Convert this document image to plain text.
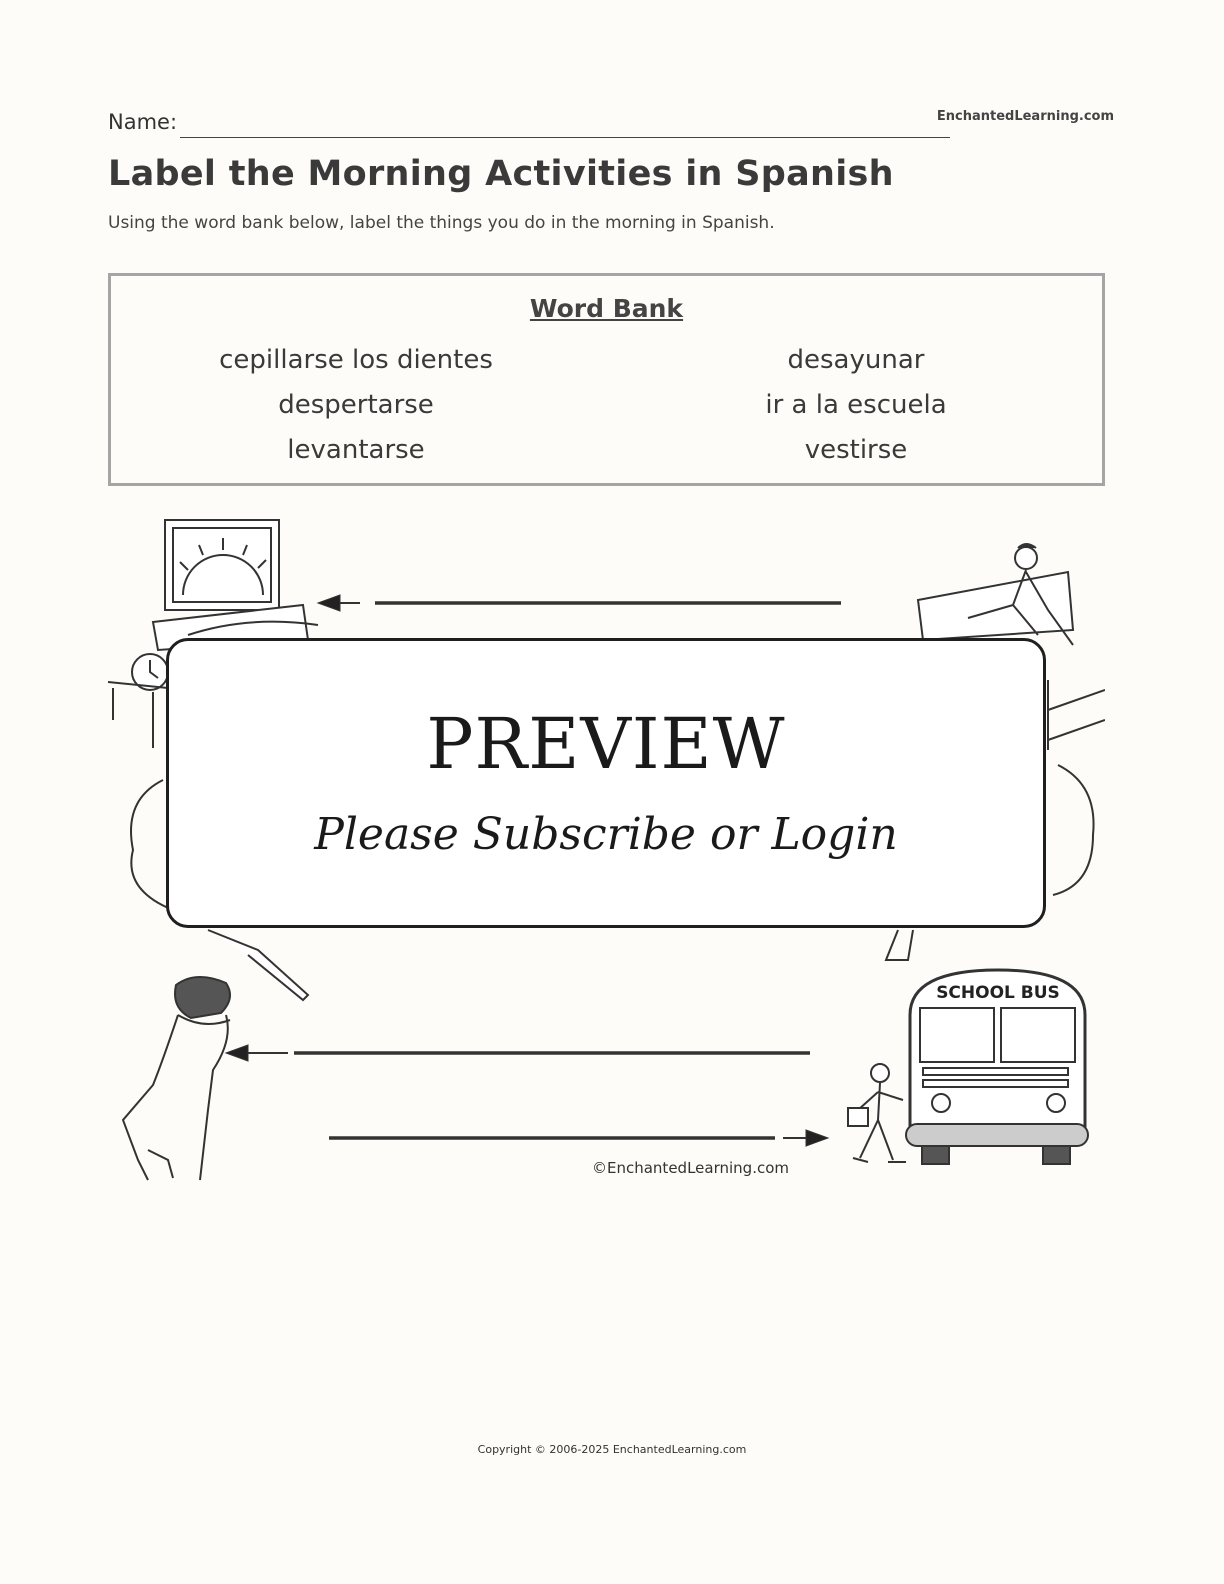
Name:	EnchantedLearning.com
Label the Morning Activities in Spanish
Using the word bank below, label the things you do in the morning in Spanish.
Word Bank
cepillarse los dientes
despertarse
levantarse
desayunar
ir a la escuela
vestirse
SCHOOL BUS
©EnchantedLearning.com
PREVIEW
Please Subscribe or Login
Copyright © 2006-2025 EnchantedLearning.com
